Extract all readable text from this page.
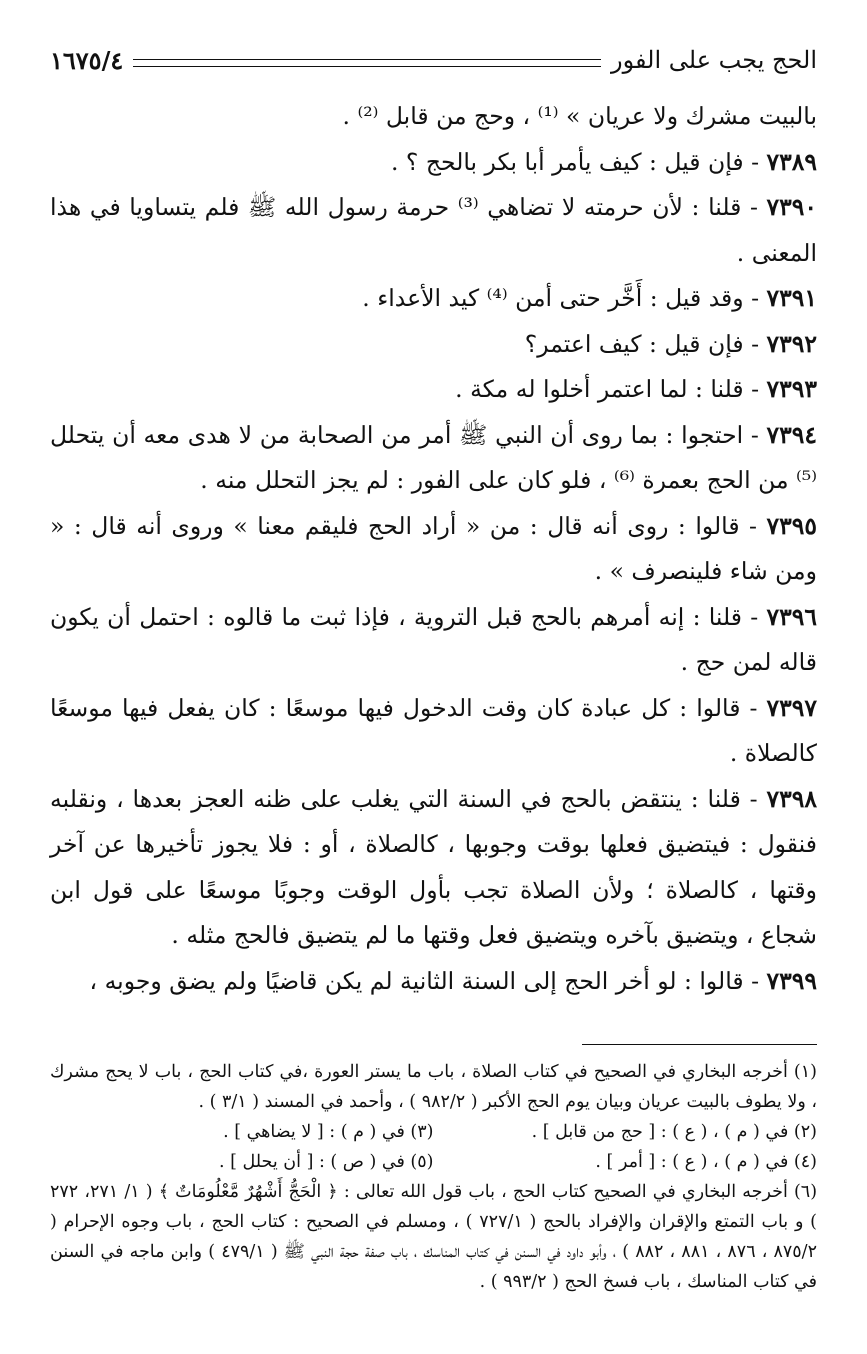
الحج يجب على الفور
١٦٧٥/٤

بالبيت مشرك ولا عريان » ⁽¹⁾ ، وحج من قابل ⁽²⁾ .

٧٣٨٩ - فإن قيل : كيف يأمر أبا بكر بالحج ؟ .

٧٣٩٠ - قلنا : لأن حرمته لا تضاهي ⁽³⁾ حرمة رسول الله ﷺ فلم يتساويا في هذا المعنى .

٧٣٩١ - وقد قيل : أَخَّر حتى أمن ⁽⁴⁾ كيد الأعداء .

٧٣٩٢ - فإن قيل : كيف اعتمر؟

٧٣٩٣ - قلنا : لما اعتمر أخلوا له مكة .

٧٣٩٤ - احتجوا : بما روى أن النبي ﷺ أمر من الصحابة من لا هدى معه أن يتحلل ⁽⁵⁾ من الحج بعمرة ⁽⁶⁾ ، فلو كان على الفور : لم يجز التحلل منه .

٧٣٩٥ - قالوا : روى أنه قال : من « أراد الحج فليقم معنا » وروى أنه قال : « ومن شاء فلينصرف » .

٧٣٩٦ - قلنا : إنه أمرهم بالحج قبل التروية ، فإذا ثبت ما قالوه : احتمل أن يكون قاله لمن حج .

٧٣٩٧ - قالوا : كل عبادة كان وقت الدخول فيها موسعًا : كان يفعل فيها موسعًا كالصلاة .

٧٣٩٨ - قلنا : ينتقض بالحج في السنة التي يغلب على ظنه العجز بعدها ، ونقلبه فنقول : فيتضيق فعلها بوقت وجوبها ، كالصلاة ، أو : فلا يجوز تأخيرها عن آخر وقتها ، كالصلاة ؛ ولأن الصلاة تجب بأول الوقت وجوبًا موسعًا على قول ابن شجاع ، ويتضيق بآخره ويتضيق فعل وقتها ما لم يتضيق فالحج مثله .

٧٣٩٩ - قالوا : لو أخر الحج إلى السنة الثانية لم يكن قاضيًا ولم يضق وجوبه ،

(١) أخرجه البخاري في الصحيح في كتاب الصلاة ، باب ما يستر العورة ،في كتاب الحج ، باب لا يحج مشرك ، ولا يطوف بالبيت عريان وبيان يوم الحج الأكبر ( ٩٨٢/٢ ) ، وأحمد في المسند ( ٣/١ ) .
(٢) في ( م ) ، ( ع ) : [ حج من قابل ] .
(٣) في ( م ) : [ لا يضاهي ] .
(٤) في ( م ) ، ( ع ) : [ أمر ] .
(٥) في ( ص ) : [ أن يحلل ] .
(٦) أخرجه البخاري في الصحيح كتاب الحج ، باب قول الله تعالى : ﴿ الْحَجُّ أَشْهُرٌ مَّعْلُومَاتٌ ﴾ ( ١/ ٢٧١، ٢٧٢ ) و باب التمتع والإقران والإفراد بالحج ( ٧٢٧/١ ) ، ومسلم في الصحيح : كتاب الحج ، باب وجوه الإحرام ( ٨٧٥/٢ ، ٨٧٦ ، ٨٨١ ، ٨٨٢ ) ، وأبو داود في السنن في كتاب المناسك ، باب صفة حجة النبي ﷺ ( ٤٧٩/١ ) وابن ماجه في السنن في كتاب المناسك ، باب فسخ الحج ( ٩٩٣/٢ ) .
